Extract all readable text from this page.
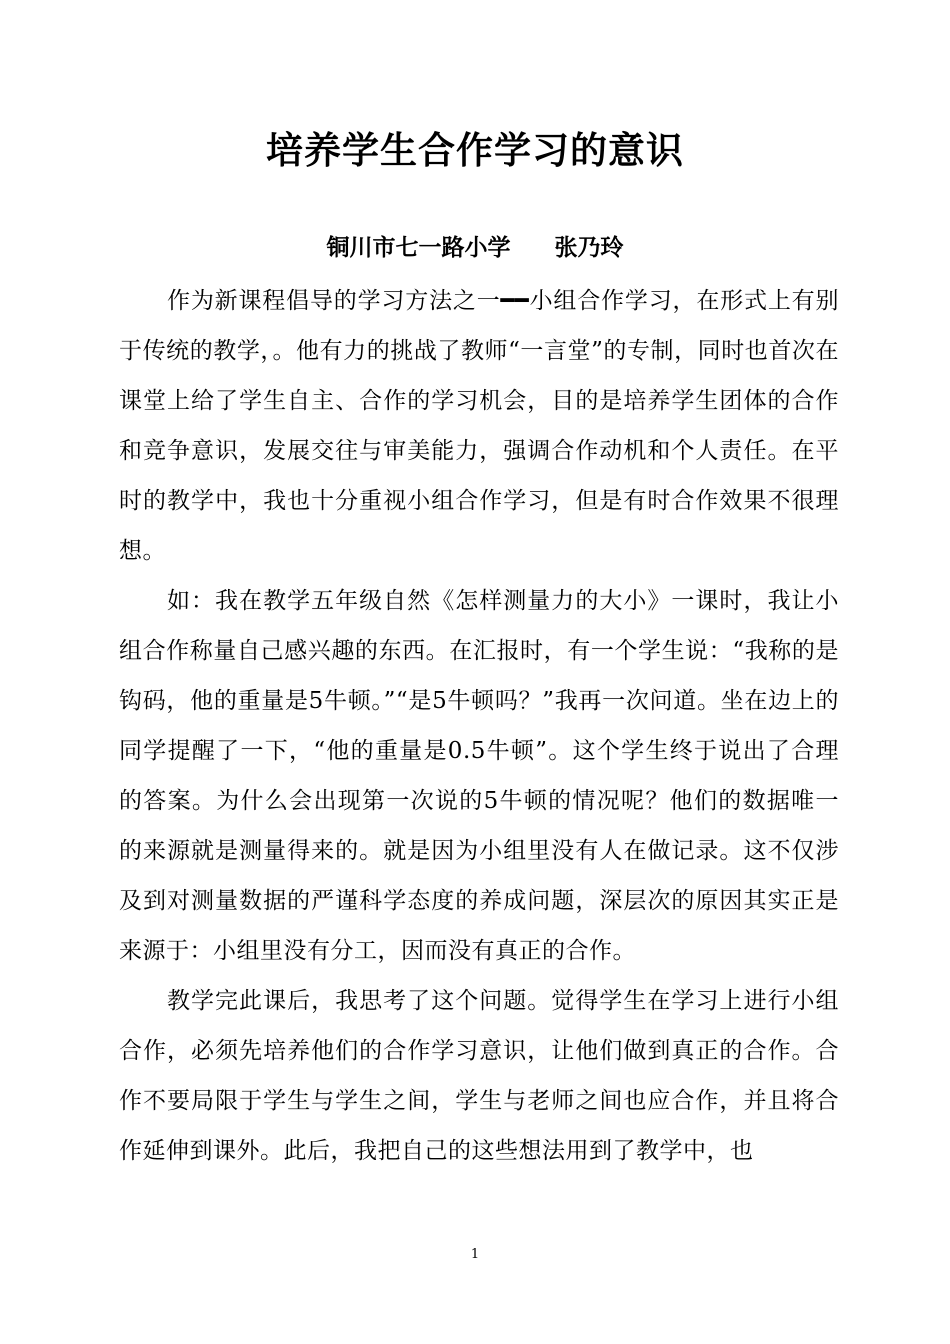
培养学生合作学习的意识

铜川市七一路小学 张乃玲

作为新课程倡导的学习方法之一━━小组合作学习，在形式上有别于传统的教学，。他有力的挑战了教师“一言堂”的专制，同时也首次在课堂上给了学生自主、合作的学习机会，目的是培养学生团体的合作和竞争意识，发展交往与审美能力，强调合作动机和个人责任。在平时的教学中，我也十分重视小组合作学习，但是有时合作效果不很理想。

如：我在教学五年级自然《怎样测量力的大小》一课时，我让小组合作称量自己感兴趣的东西。在汇报时，有一个学生说：“我称的是钩码，他的重量是5牛顿。”“是5牛顿吗？”我再一次问道。坐在边上的同学提醒了一下，“他的重量是0.5牛顿”。这个学生终于说出了合理的答案。为什么会出现第一次说的5牛顿的情况呢？他们的数据唯一的来源就是测量得来的。就是因为小组里没有人在做记录。这不仅涉及到对测量数据的严谨科学态度的养成问题，深层次的原因其实正是来源于：小组里没有分工，因而没有真正的合作。

教学完此课后，我思考了这个问题。觉得学生在学习上进行小组合作，必须先培养他们的合作学习意识，让他们做到真正的合作。合作不要局限于学生与学生之间，学生与老师之间也应合作，并且将合作延伸到课外。此后，我把自己的这些想法用到了教学中，也

1
